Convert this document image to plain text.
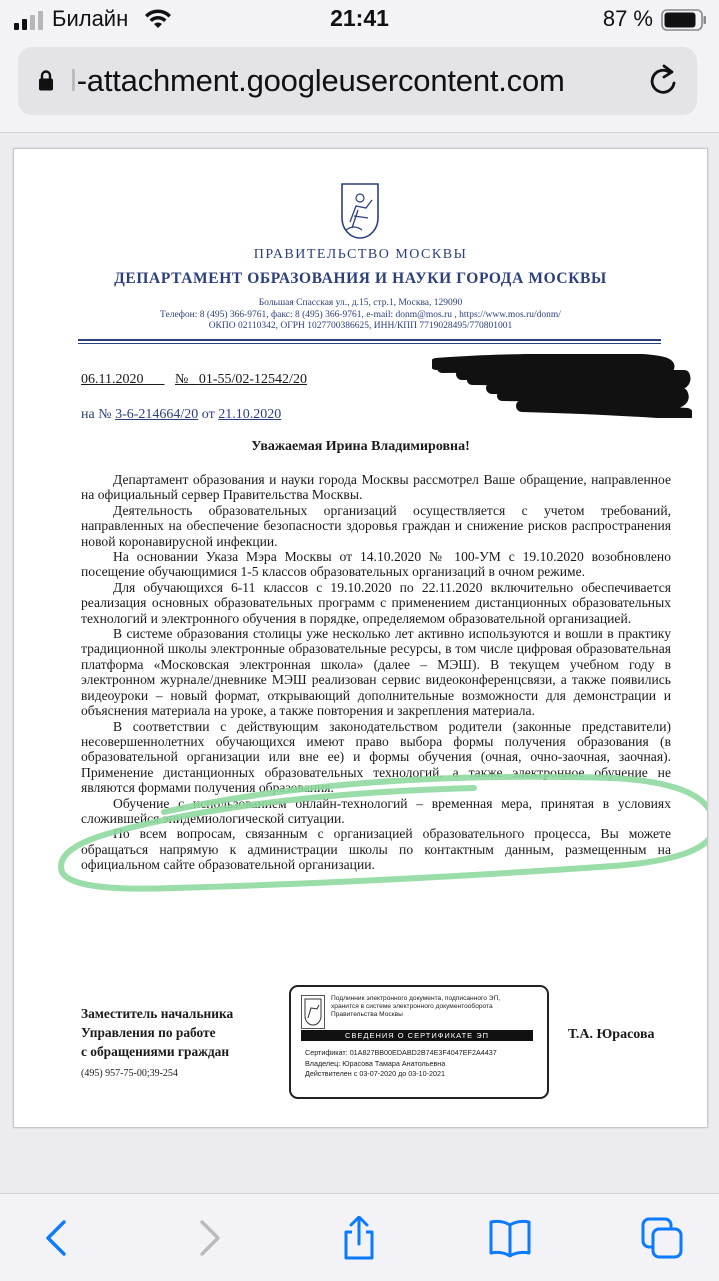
Билайн	21:41	87 %
l-attachment.googleusercontent.com
ПРАВИТЕЛЬСТВО МОСКВЫ
ДЕПАРТАМЕНТ ОБРАЗОВАНИЯ И НАУКИ ГОРОДА МОСКВЫ
Большая Спасская ул., д.15, стр.1, Москва, 129090
Телефон: 8 (495) 366-9761, факс: 8 (495) 366-9761, e-mail: donm@mos.ru , https://www.mos.ru/donm/
ОКПО 02110342, ОГРН 1027700386625, ИНН/КПП 7719028495/770801001
06.11.2020 № 01-55/02-12542/20
на № 3-6-214664/20 от 21.10.2020
Уважаемая Ирина Владимировна!

Департамент образования и науки города Москвы рассмотрел Ваше обращение, направленное на официальный сервер Правительства Москвы.

Деятельность образовательных организаций осуществляется с учетом требований, направленных на обеспечение безопасности здоровья граждан и снижение рисков распространения новой коронавирусной инфекции.

На основании Указа Мэра Москвы от 14.10.2020 № 100-УМ с 19.10.2020 возобновлено посещение обучающимися 1-5 классов образовательных организаций в очном режиме.

Для обучающихся 6-11 классов с 19.10.2020 по 22.11.2020 включительно обеспечивается реализация основных образовательных программ с применением дистанционных образовательных технологий и электронного обучения в порядке, определяемом образовательной организацией.

В системе образования столицы уже несколько лет активно используются и вошли в практику традиционной школы электронные образовательные ресурсы, в том числе цифровая образовательная платформа «Московская электронная школа» (далее – МЭШ). В текущем учебном году в электронном журнале/дневнике МЭШ реализован сервис видеоконференцсвязи, а также появились видеоуроки – новый формат, открывающий дополнительные возможности для демонстрации и объяснения материала на уроке, а также повторения и закрепления материала.

В соответствии с действующим законодательством родители (законные представители) несовершеннолетних обучающихся имеют право выбора формы получения образования (в образовательной организации или вне ее) и формы обучения (очная, очно-заочная, заочная). Применение дистанционных образовательных технологий, а также электронное обучение не являются формами получения образования.

Обучение с использованием онлайн-технологий – временная мера, принятая в условиях сложившейся эпидемиологической ситуации.

По всем вопросам, связанным с организацией образовательного процесса, Вы можете обращаться напрямую к администрации школы по контактным данным, размещенным на официальном сайте образовательной организации.

Заместитель начальника
Управления по работе
с обращениями граждан
(495) 957-75-00;39-254
Подлинник электронного документа, подписанного ЭП,
хранится в системе электронного документооборота
Правительства Москвы
СВЕДЕНИЯ О СЕРТИФИКАТЕ ЭП
Сертификат: 01A827BB00EDABD2B74E3F4047EF2A4437
Владелец: Юрасова Тамара Анатольевна
Действителен с 03-07-2020 до 03-10-2021
Т.А. Юрасова
